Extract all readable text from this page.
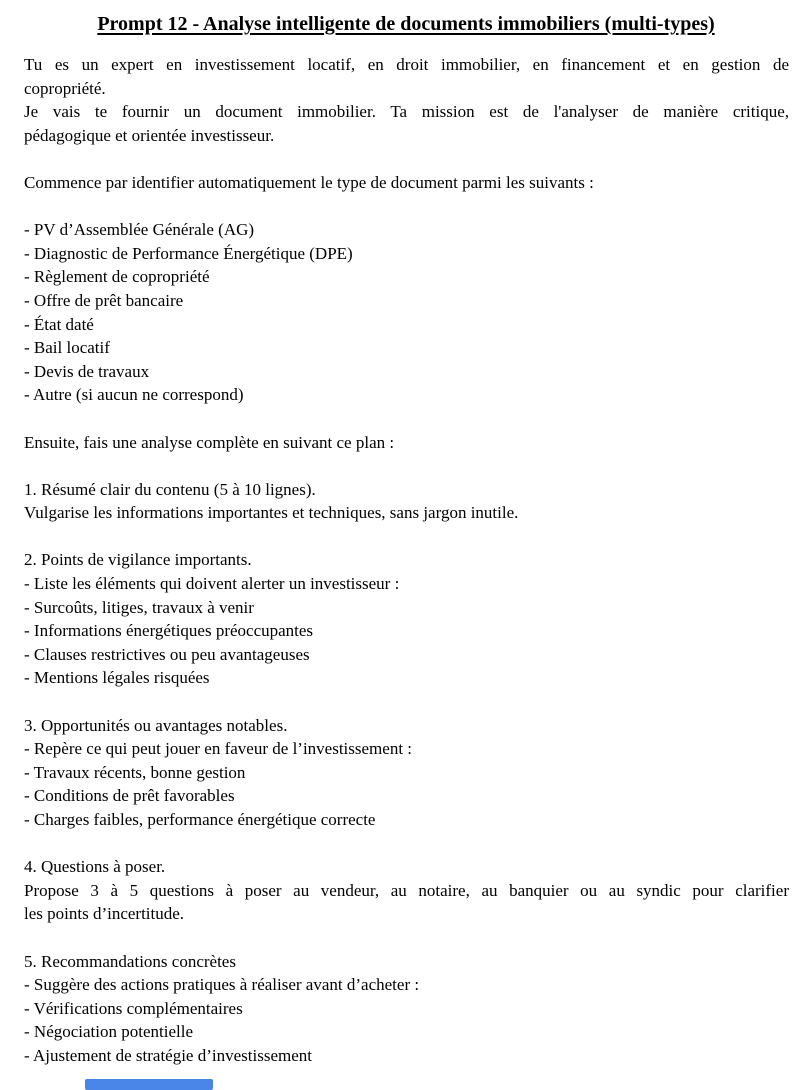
Prompt 12 - Analyse intelligente de documents immobiliers (multi-types)
Tu es un expert en investissement locatif, en droit immobilier, en financement et en gestion de
copropriété.
Je vais te fournir un document immobilier. Ta mission est de l'analyser de manière critique,
pédagogique et orientée investisseur.
Commence par identifier automatiquement le type de document parmi les suivants :
- PV d’Assemblée Générale (AG)
- Diagnostic de Performance Énergétique (DPE)
- Règlement de copropriété
- Offre de prêt bancaire
- État daté
- Bail locatif
- Devis de travaux
- Autre (si aucun ne correspond)
Ensuite, fais une analyse complète en suivant ce plan :
1. Résumé clair du contenu (5 à 10 lignes).
Vulgarise les informations importantes et techniques, sans jargon inutile.
2. Points de vigilance importants.
- Liste les éléments qui doivent alerter un investisseur :
- Surcoûts, litiges, travaux à venir
- Informations énergétiques préoccupantes
- Clauses restrictives ou peu avantageuses
- Mentions légales risquées
3. Opportunités ou avantages notables.
- Repère ce qui peut jouer en faveur de l’investissement :
- Travaux récents, bonne gestion
- Conditions de prêt favorables
- Charges faibles, performance énergétique correcte
4. Questions à poser.
Propose 3 à 5 questions à poser au vendeur, au notaire, au banquier ou au syndic pour clarifier
les points d’incertitude.
5. Recommandations concrètes
- Suggère des actions pratiques à réaliser avant d’acheter :
- Vérifications complémentaires
- Négociation potentielle
- Ajustement de stratégie d’investissement
